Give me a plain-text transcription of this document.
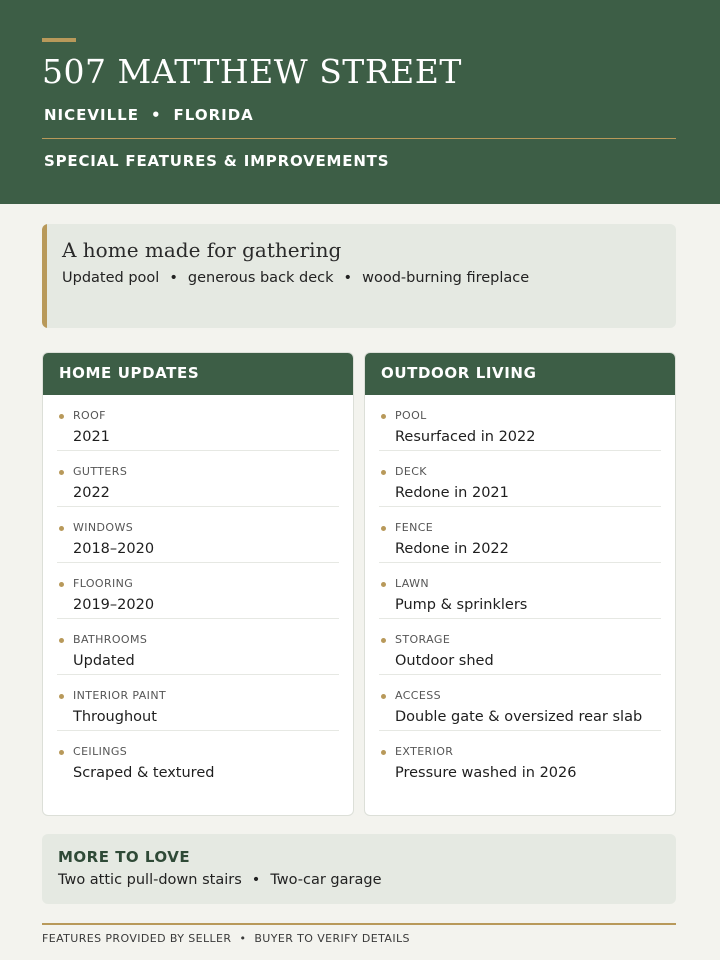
507 MATTHEW STREET
NICEVILLE • FLORIDA
SPECIAL FEATURES & IMPROVEMENTS
A home made for gathering
Updated pool • generous back deck • wood-burning fireplace
HOME UPDATES
ROOF
2021
GUTTERS
2022
WINDOWS
2018–2020
FLOORING
2019–2020
BATHROOMS
Updated
INTERIOR PAINT
Throughout
CEILINGS
Scraped & textured
OUTDOOR LIVING
POOL
Resurfaced in 2022
DECK
Redone in 2021
FENCE
Redone in 2022
LAWN
Pump & sprinklers
STORAGE
Outdoor shed
ACCESS
Double gate & oversized rear slab
EXTERIOR
Pressure washed in 2026
MORE TO LOVE
Two attic pull-down stairs • Two-car garage
FEATURES PROVIDED BY SELLER • BUYER TO VERIFY DETAILS
